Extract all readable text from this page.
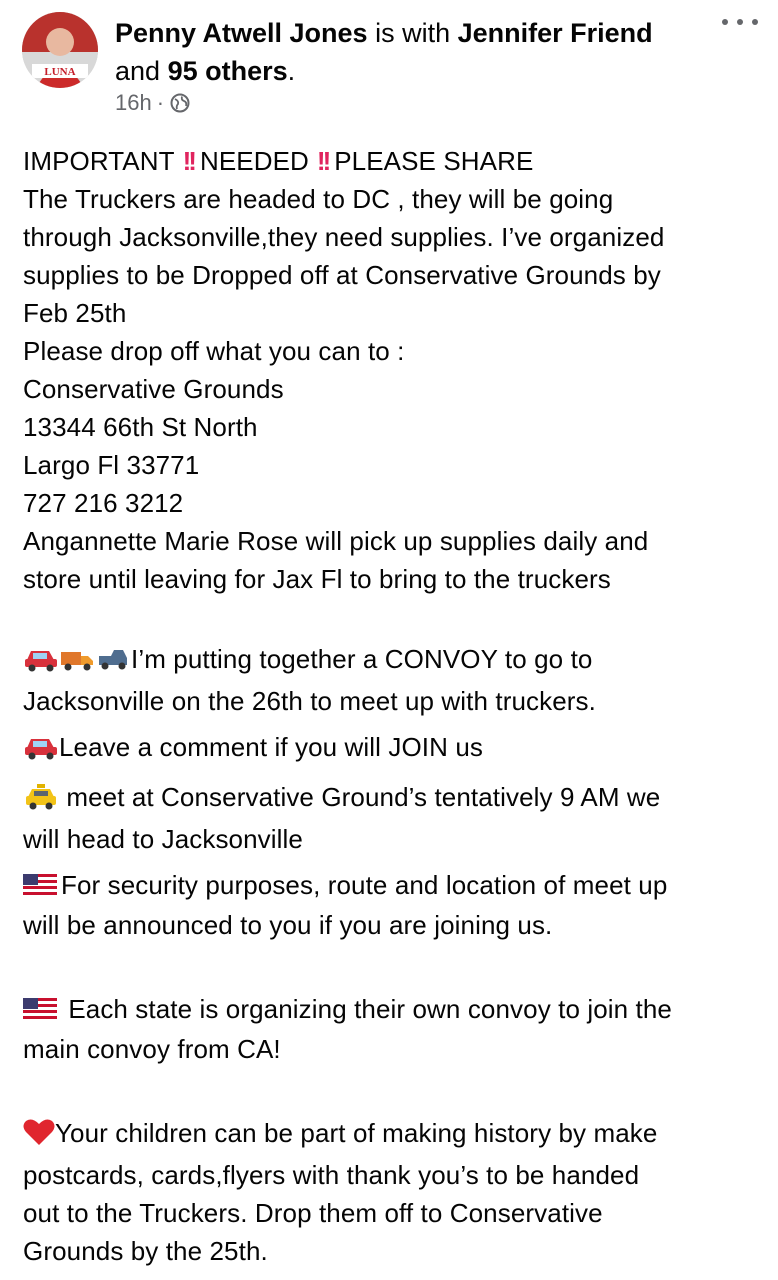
LUNA
Penny Atwell Jones is with Jennifer Friend
and 95 others.
16h ·

IMPORTANT !! NEEDED !! PLEASE SHARE

The Truckers are headed to DC , they will be going

through Jacksonville,they need supplies. I’ve organized

supplies to be Dropped off at Conservative Grounds by

Feb 25th

Please drop off what you can to :

Conservative Grounds

13344 66th St North

Largo Fl 33771

727 216 3212

Angannette Marie Rose will pick up supplies daily and

store until leaving for Jax Fl to bring to the truckers

I’m putting together a CONVOY to go to

Jacksonville on the 26th to meet up with truckers.

Leave a comment if you will JOIN us

meet at Conservative Ground’s tentatively 9 AM we

will head to Jacksonville

For security purposes, route and location of meet up

will be announced to you if you are joining us.

Each state is organizing their own convoy to join the

main convoy from CA!

Your children can be part of making history by make

postcards, cards,flyers with thank you’s to be handed

out to the Truckers. Drop them off to Conservative

Grounds by the 25th.
